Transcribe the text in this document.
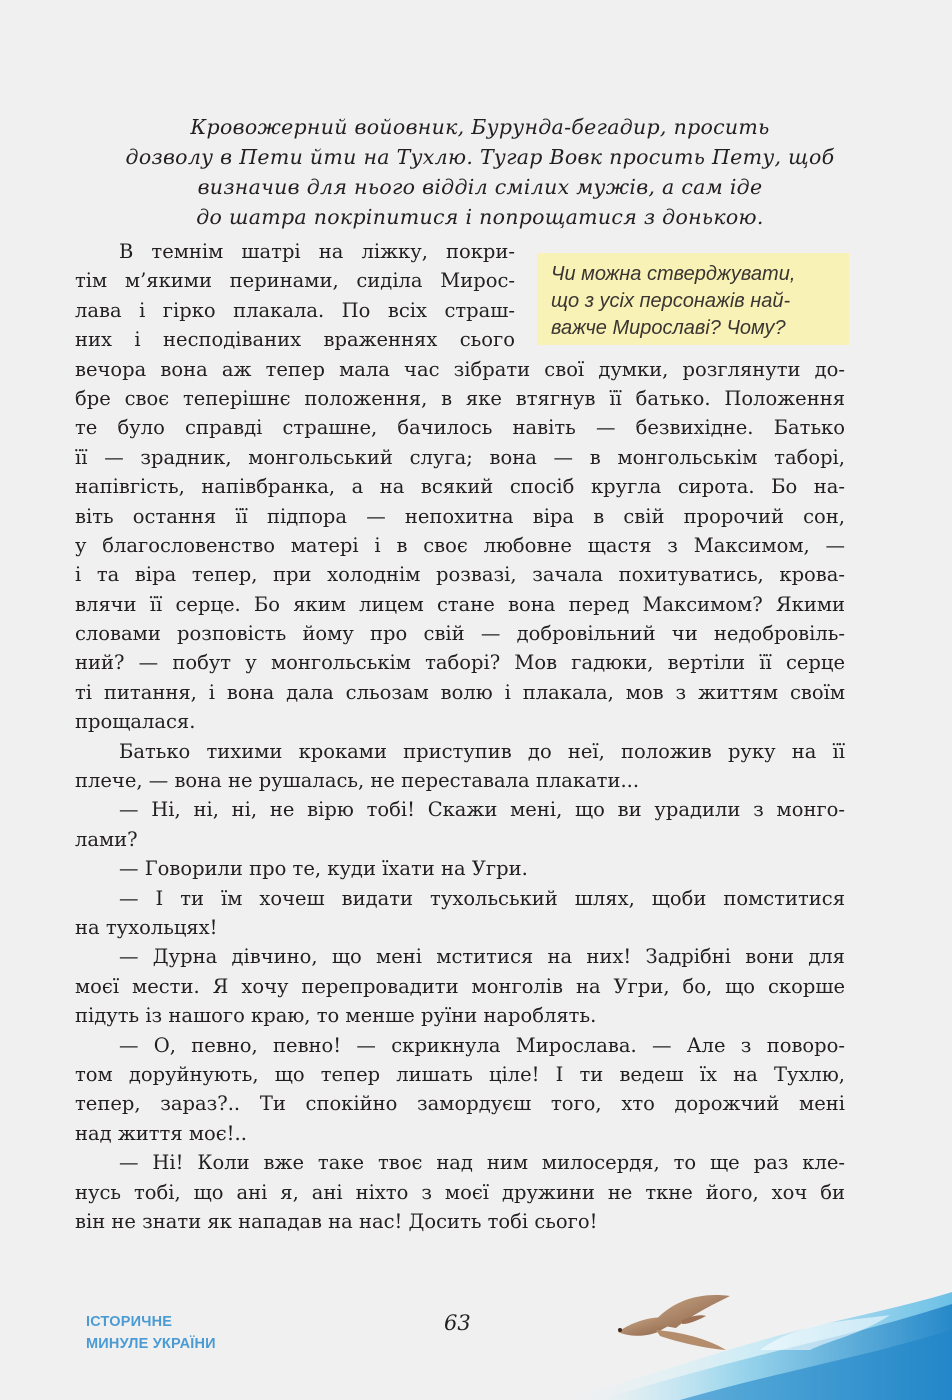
Кровожерний войовник, Бурунда-бегадир, просить
дозволу в Пети йти на Тухлю. Тугар Вовк просить Пету, щоб
визначив для нього відділ смілих мужів, а сам іде
до шатра покріпитися і попрощатися з донькою.
Чи можна стверджувати,
що з усіх персонажів най-
важче Мирославі? Чому?
В темнім шатрі на ліжку, покри-
тім м’якими перинами, сиділа Мирос-
лава і гірко плакала. По всіх страш-
них і несподіваних враженнях сього
вечора вона аж тепер мала час зібрати свої думки, розглянути до-
бре своє теперішнє положення, в яке втягнув її батько. Положення
те було справді страшне, бачилось навіть — безвихідне. Батько
її — зрадник, монгольський слуга; вона — в монгольськім таборі,
напівгість, напівбранка, а на всякий спосіб кругла сирота. Бо на-
віть остання її підпора — непохитна віра в свій пророчий сон,
у благословенство матері і в своє любовне щастя з Максимом, —
і та віра тепер, при холоднім розвазі, зачала похитуватись, крова-
влячи її серце. Бо яким лицем стане вона перед Максимом? Якими
словами розповість йому про свій — добровільний чи недобровіль-
ний? — побут у монгольськім таборі? Мов гадюки, вертіли її серце
ті питання, і вона дала сльозам волю і плакала, мов з життям своїм
прощалася.
Батько тихими кроками приступив до неї, положив руку на її
плече, — вона не рушалась, не переставала плакати...
— Ні, ні, ні, не вірю тобі! Скажи мені, що ви урадили з монго-
лами?
— Говорили про те, куди їхати на Угри.
— І ти їм хочеш видати тухольський шлях, щоби помститися
на тухольцях!
— Дурна дівчино, що мені мститися на них! Задрібні вони для
моєї мести. Я хочу перепровадити монголів на Угри, бо, що скорше
підуть із нашого краю, то менше руїни нароблять.
— О, певно, певно! — скрикнула Мирослава. — Але з поворо-
том доруйнують, що тепер лишать ціле! І ти ведеш їх на Тухлю,
тепер, зараз?.. Ти спокійно замордуєш того, хто дорожчий мені
над життя моє!..
— Ні! Коли вже таке твоє над ним милосердя, то ще раз кле-
нусь тобі, що ані я, ані ніхто з моєї дружини не ткне його, хоч би
він не знати як нападав на нас! Досить тобі сього!
ІСТОРИЧНЕ
МИНУЛЕ УКРАЇНИ
63
